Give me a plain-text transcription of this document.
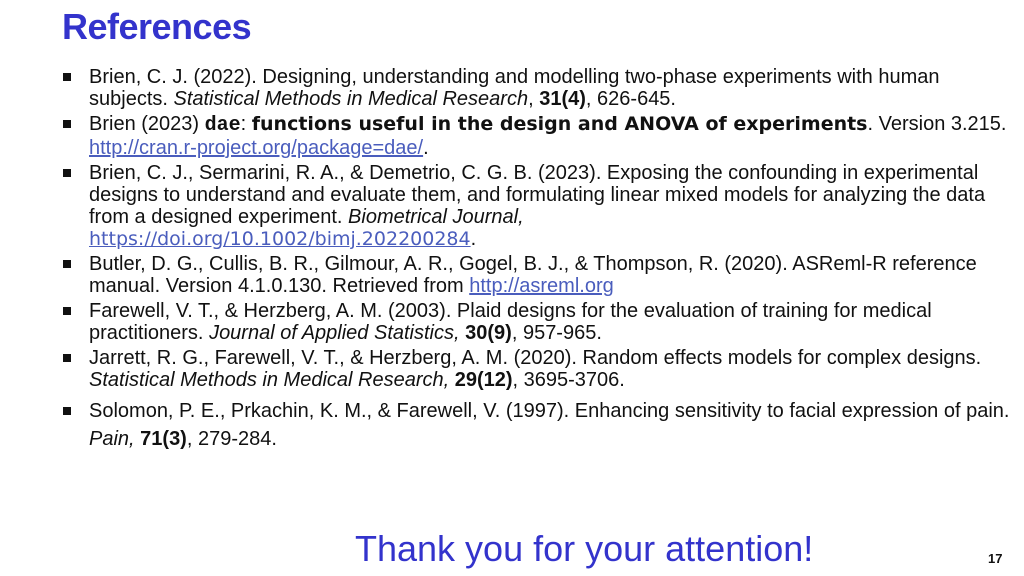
References
Brien, C. J. (2022). Designing, understanding and modelling two-phase experiments with human subjects. Statistical Methods in Medical Research, 31(4), 626-645.
Brien (2023) dae: functions useful in the design and ANOVA of experiments. Version 3.215. http://cran.r-project.org/package=dae/.
Brien, C. J., Sermarini, R. A., & Demetrio, C. G. B. (2023). Exposing the confounding in experimental designs to understand and evaluate them, and formulating linear mixed models for analyzing the data from a designed experiment. Biometrical Journal,
https://doi.org/10.1002/bimj.202200284.
Butler, D. G., Cullis, B. R., Gilmour, A. R., Gogel, B. J., & Thompson, R. (2020). ASReml-R reference manual. Version 4.1.0.130. Retrieved from http://asreml.org
Farewell, V. T., & Herzberg, A. M. (2003). Plaid designs for the evaluation of training for medical practitioners. Journal of Applied Statistics, 30(9), 957-965.
Jarrett, R. G., Farewell, V. T., & Herzberg, A. M. (2020). Random effects models for complex designs. Statistical Methods in Medical Research, 29(12), 3695-3706.
Solomon, P. E., Prkachin, K. M., & Farewell, V. (1997). Enhancing sensitivity to facial expression of pain. Pain, 71(3), 279-284.
Thank you for your attention!	17
